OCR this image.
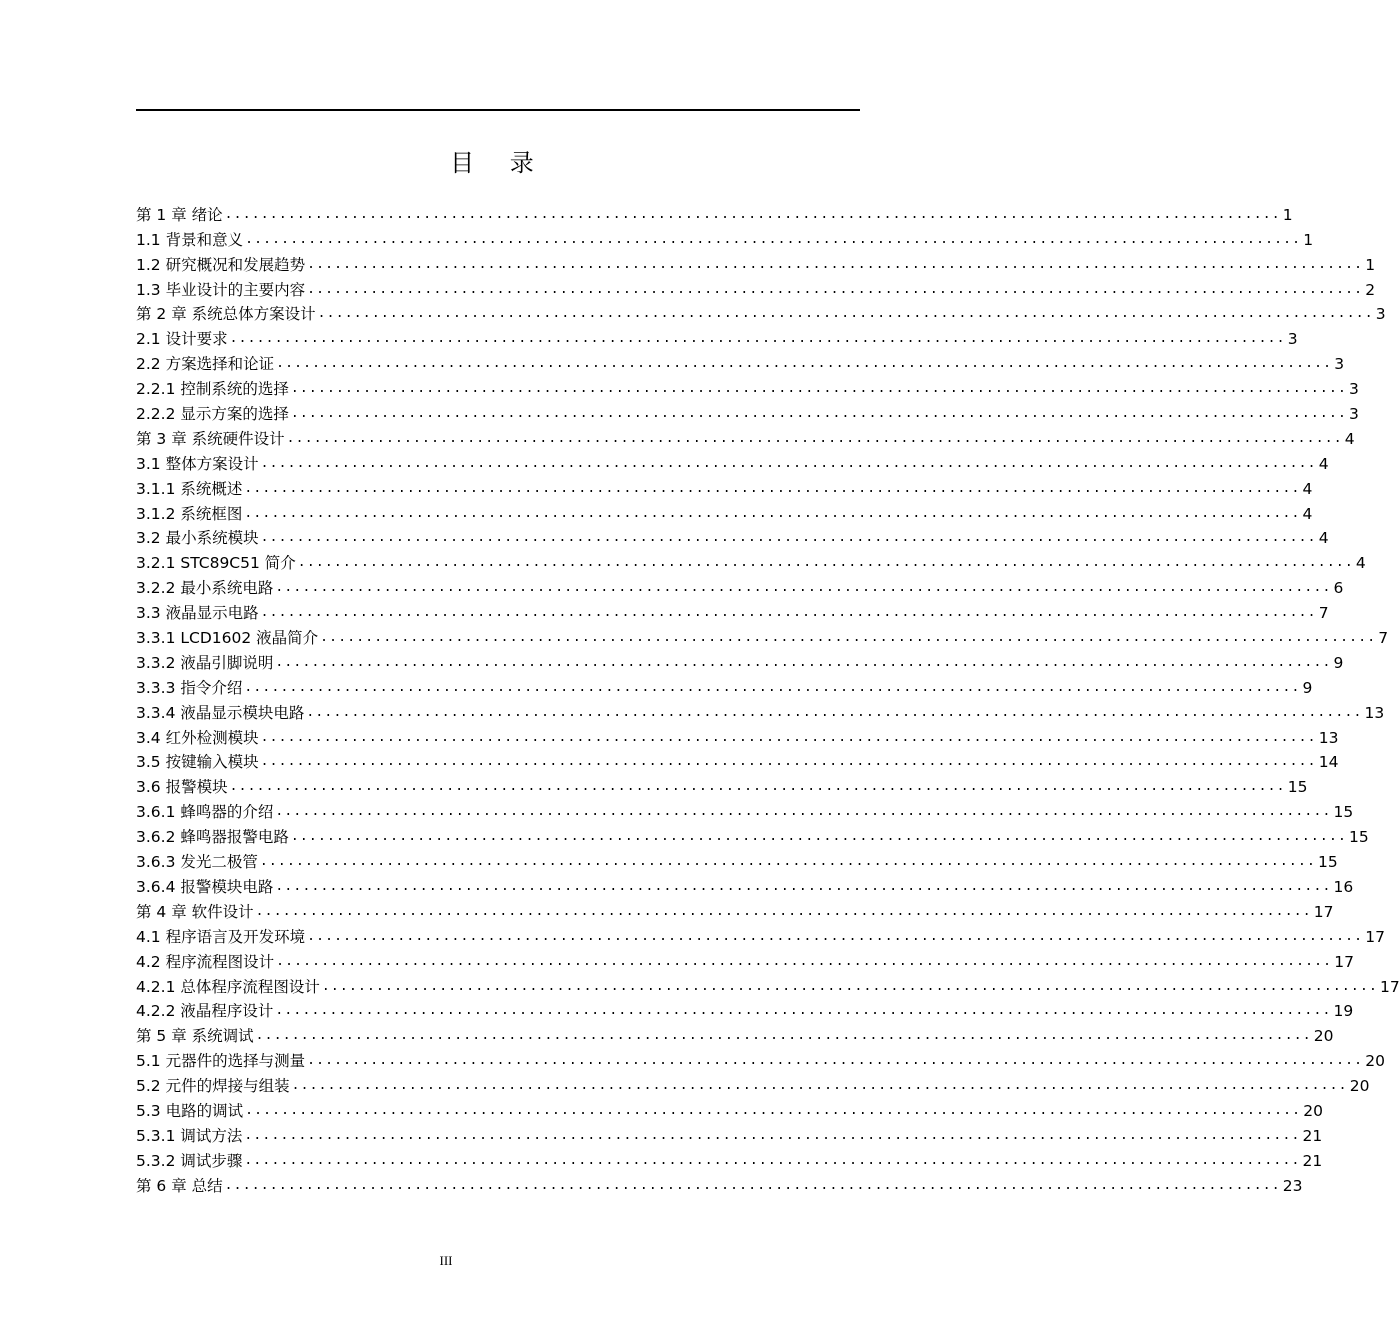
目 录
第 1 章 绪论 ..................................................................................................................... 1
1.1 背景和意义 ..................................................................................................................... 1
1.2 研究概况和发展趋势 ..................................................................................................................... 1
1.3 毕业设计的主要内容 ..................................................................................................................... 2
第 2 章 系统总体方案设计 ..................................................................................................................... 3
2.1 设计要求 ..................................................................................................................... 3
2.2 方案选择和论证 ..................................................................................................................... 3
2.2.1 控制系统的选择 ..................................................................................................................... 3
2.2.2 显示方案的选择 ..................................................................................................................... 3
第 3 章 系统硬件设计 ..................................................................................................................... 4
3.1 整体方案设计 ..................................................................................................................... 4
3.1.1 系统概述 ..................................................................................................................... 4
3.1.2 系统框图 ..................................................................................................................... 4
3.2 最小系统模块 ..................................................................................................................... 4
3.2.1 STC89C51 简介 ..................................................................................................................... 4
3.2.2 最小系统电路 ..................................................................................................................... 6
3.3 液晶显示电路 ..................................................................................................................... 7
3.3.1 LCD1602 液晶简介 ..................................................................................................................... 7
3.3.2 液晶引脚说明 ..................................................................................................................... 9
3.3.3 指令介绍 ..................................................................................................................... 9
3.3.4 液晶显示模块电路 ..................................................................................................................... 13
3.4 红外检测模块 ..................................................................................................................... 13
3.5 按键输入模块 ..................................................................................................................... 14
3.6 报警模块 ..................................................................................................................... 15
3.6.1 蜂鸣器的介绍 ..................................................................................................................... 15
3.6.2 蜂鸣器报警电路 ..................................................................................................................... 15
3.6.3 发光二极管 ..................................................................................................................... 15
3.6.4 报警模块电路 ..................................................................................................................... 16
第 4 章 软件设计 ..................................................................................................................... 17
4.1 程序语言及开发环境 ..................................................................................................................... 17
4.2 程序流程图设计 ..................................................................................................................... 17
4.2.1 总体程序流程图设计 ..................................................................................................................... 17
4.2.2 液晶程序设计 ..................................................................................................................... 19
第 5 章 系统调试 ..................................................................................................................... 20
5.1 元器件的选择与测量 ..................................................................................................................... 20
5.2 元件的焊接与组装 ..................................................................................................................... 20
5.3 电路的调试 ..................................................................................................................... 20
5.3.1 调试方法 ..................................................................................................................... 21
5.3.2 调试步骤 ..................................................................................................................... 21
第 6 章 总结 ..................................................................................................................... 23
III
